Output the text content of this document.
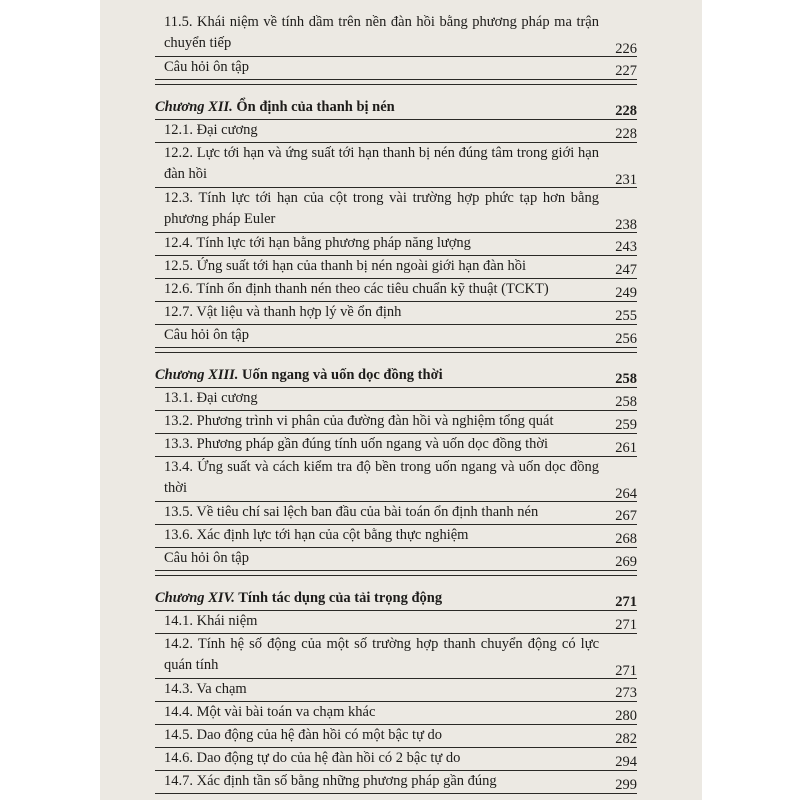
11.5. Khái niệm về tính dầm trên nền đàn hồi bằng phương pháp ma trận chuyển tiếp	226
Câu hỏi ôn tập	227
Chương XII. Ổn định của thanh bị nén	228
12.1. Đại cương	228
12.2. Lực tới hạn và ứng suất tới hạn thanh bị nén đúng tâm trong giới hạn đàn hồi	231
12.3. Tính lực tới hạn của cột trong vài trường hợp phức tạp hơn bằng phương pháp Euler	238
12.4. Tính lực tới hạn bằng phương pháp năng lượng	243
12.5. Ứng suất tới hạn của thanh bị nén ngoài giới hạn đàn hồi	247
12.6. Tính ổn định thanh nén theo các tiêu chuẩn kỹ thuật (TCKT)	249
12.7. Vật liệu và thanh hợp lý về ổn định	255
Câu hỏi ôn tập	256
Chương XIII. Uốn ngang và uốn dọc đồng thời	258
13.1. Đại cương	258
13.2. Phương trình vi phân của đường đàn hồi và nghiệm tổng quát	259
13.3. Phương pháp gần đúng tính uốn ngang và uốn dọc đồng thời	261
13.4. Ứng suất và cách kiểm tra độ bền trong uốn ngang và uốn dọc đồng thời	264
13.5. Về tiêu chí sai lệch ban đầu của bài toán ổn định thanh nén	267
13.6. Xác định lực tới hạn của cột bằng thực nghiệm	268
Câu hỏi ôn tập	269
Chương XIV. Tính tác dụng của tải trọng động	271
14.1. Khái niệm	271
14.2. Tính hệ số động của một số trường hợp thanh chuyển động có lực quán tính	271
14.3. Va chạm	273
14.4. Một vài bài toán va chạm khác	280
14.5. Dao động của hệ đàn hồi có một bậc tự do	282
14.6. Dao động tự do của hệ đàn hồi có 2 bậc tự do	294
14.7. Xác định tần số bằng những phương pháp gần đúng	299
